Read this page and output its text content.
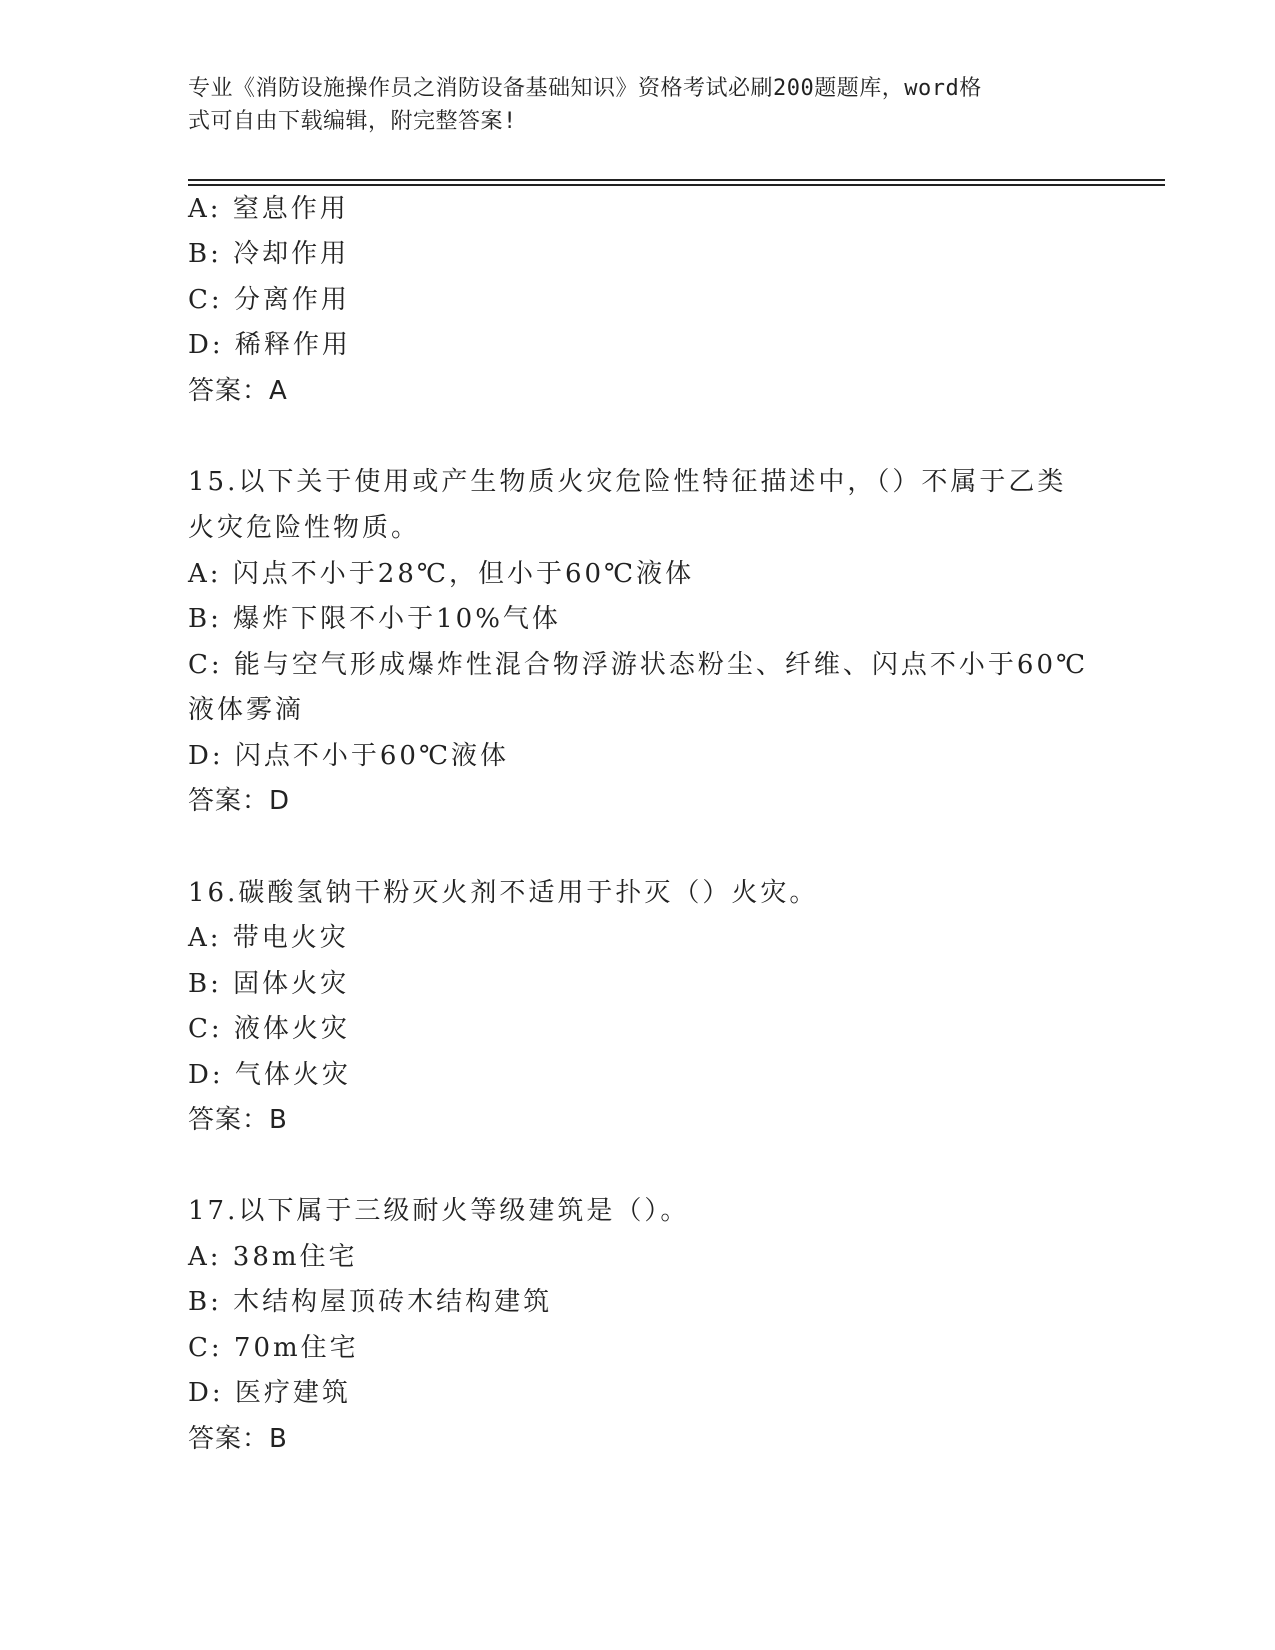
专业《消防设施操作员之消防设备基础知识》资格考试必刷200题题库，word格
式可自由下载编辑，附完整答案!
A: 窒息作用
B: 冷却作用
C: 分离作用
D: 稀释作用
答案：A
15.以下关于使用或产生物质火灾危险性特征描述中，（）不属于乙类
火灾危险性物质。
A: 闪点不小于28℃，但小于60℃液体
B: 爆炸下限不小于10%气体
C: 能与空气形成爆炸性混合物浮游状态粉尘、纤维、闪点不小于60℃
液体雾滴
D: 闪点不小于60℃液体
答案：D
16.碳酸氢钠干粉灭火剂不适用于扑灭（）火灾。
A: 带电火灾
B: 固体火灾
C: 液体火灾
D: 气体火灾
答案：B
17.以下属于三级耐火等级建筑是（）。
A: 38m住宅
B: 木结构屋顶砖木结构建筑
C: 70m住宅
D: 医疗建筑
答案：B
